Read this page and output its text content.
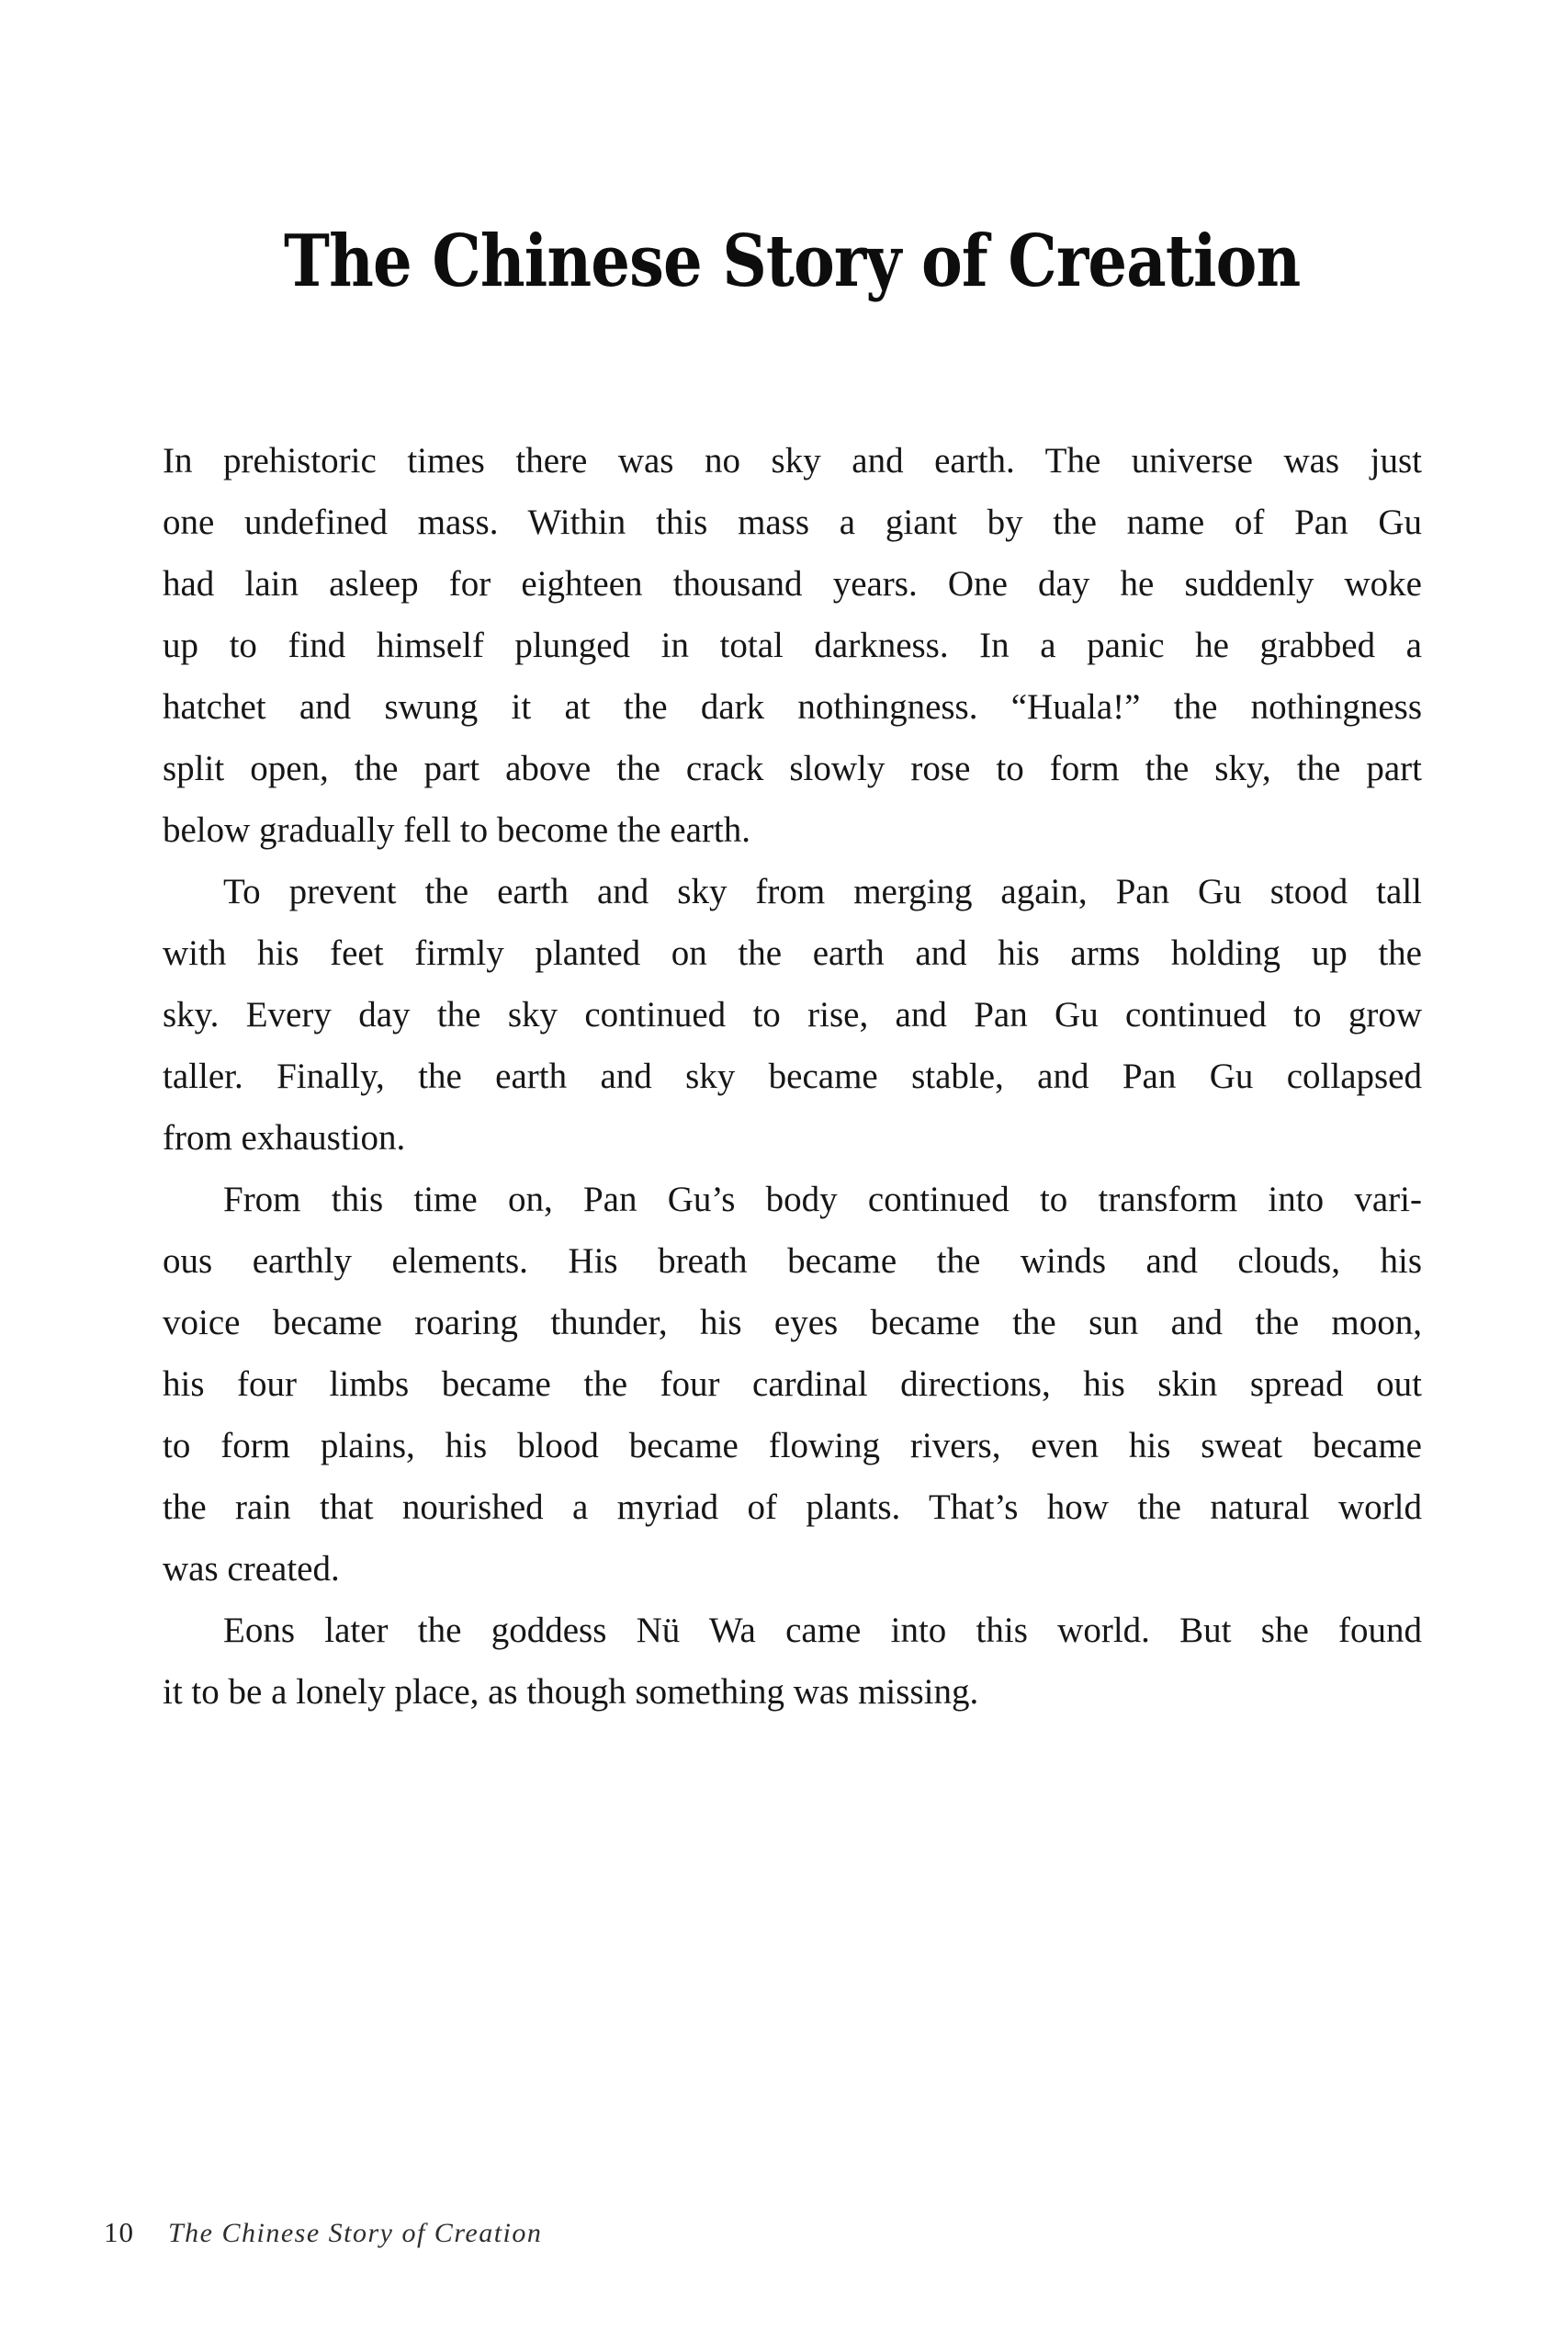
The Chinese Story of Creation
In prehistoric times there was no sky and earth. The universe was just
one undefined mass. Within this mass a giant by the name of Pan Gu
had lain asleep for eighteen thousand years. One day he suddenly woke
up to find himself plunged in total darkness. In a panic he grabbed a
hatchet and swung it at the dark nothingness. “Huala!” the nothingness
split open, the part above the crack slowly rose to form the sky, the part
below gradually fell to become the earth.
To prevent the earth and sky from merging again, Pan Gu stood tall
with his feet firmly planted on the earth and his arms holding up the
sky. Every day the sky continued to rise, and Pan Gu continued to grow
taller. Finally, the earth and sky became stable, and Pan Gu collapsed
from exhaustion.
From this time on, Pan Gu’s body continued to transform into vari-
ous earthly elements. His breath became the winds and clouds, his
voice became roaring thunder, his eyes became the sun and the moon,
his four limbs became the four cardinal directions, his skin spread out
to form plains, his blood became flowing rivers, even his sweat became
the rain that nourished a myriad of plants. That’s how the natural world
was created.
Eons later the goddess Nü Wa came into this world. But she found
it to be a lonely place, as though something was missing.
10 The Chinese Story of Creation
